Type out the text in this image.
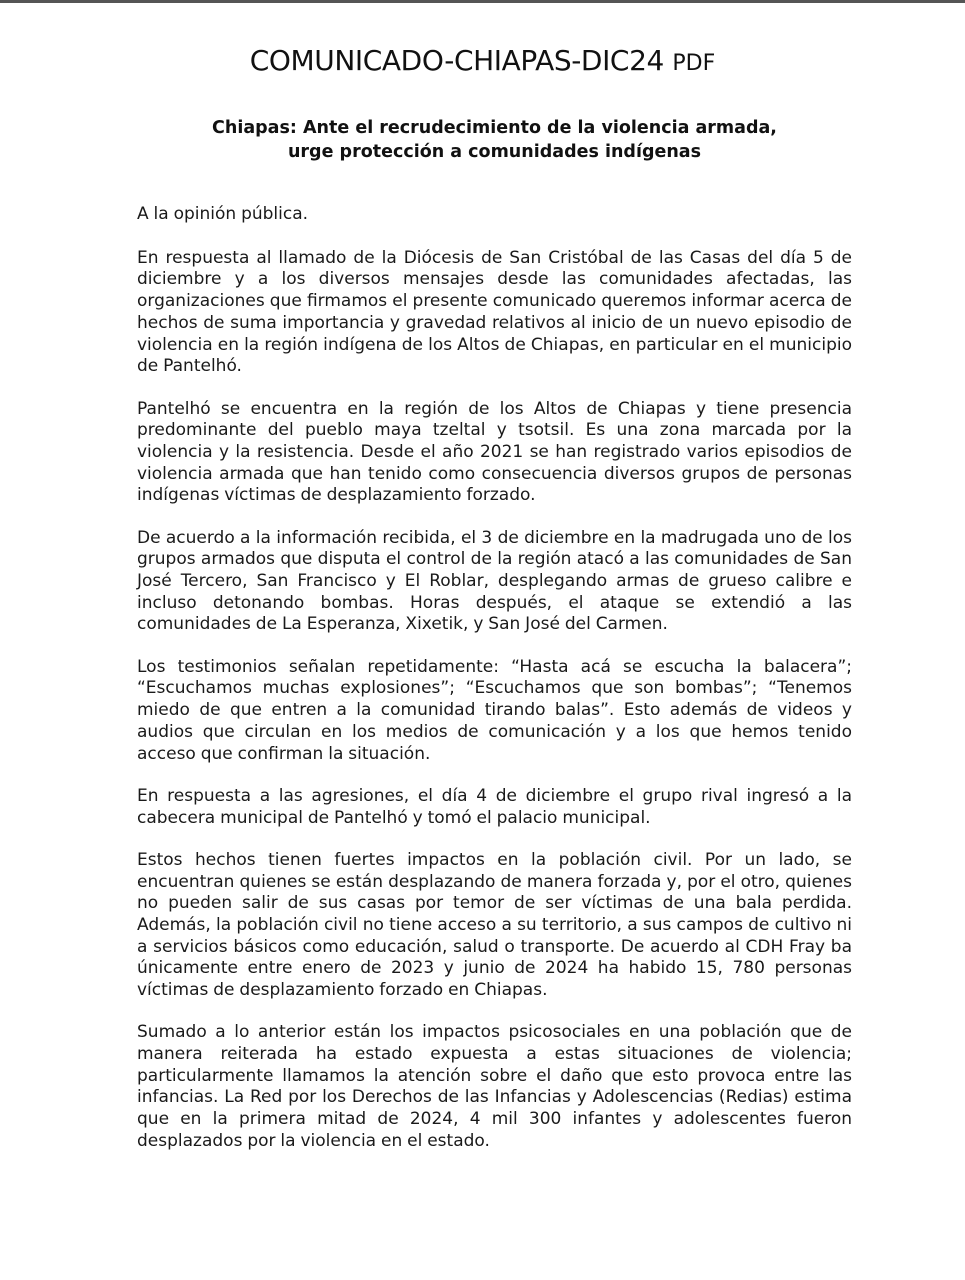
COMUNICADO-CHIAPAS-DIC24 PDF
Chiapas: Ante el recrudecimiento de la violencia armada,
urge protección a comunidades indígenas

A la opinión pública.

En respuesta al llamado de la Diócesis de San Cristóbal de las Casas del día 5 de diciembre y a los diversos mensajes desde las comunidades afectadas, las organizaciones que firmamos el presente comunicado queremos informar acerca de hechos de suma importancia y gravedad relativos al inicio de un nuevo episodio de violencia en la región indígena de los Altos de Chiapas, en particular en el municipio de Pantelhó.

Pantelhó se encuentra en la región de los Altos de Chiapas y tiene presencia predominante del pueblo maya tzeltal y tsotsil. Es una zona marcada por la violencia y la resistencia. Desde el año 2021 se han registrado varios episodios de violencia armada que han tenido como consecuencia diversos grupos de personas indígenas víctimas de desplazamiento forzado.

De acuerdo a la información recibida, el 3 de diciembre en la madrugada uno de los grupos armados que disputa el control de la región atacó a las comunidades de San José Tercero, San Francisco y El Roblar, desplegando armas de grueso calibre e incluso detonando bombas. Horas después, el ataque se extendió a las comunidades de La Esperanza, Xixetik, y San José del Carmen.

Los testimonios señalan repetidamente: “Hasta acá se escucha la balacera”; “Escuchamos muchas explosiones”; “Escuchamos que son bombas”; “Tenemos miedo de que entren a la comunidad tirando balas”. Esto además de videos y audios que circulan en los medios de comunicación y a los que hemos tenido acceso que confirman la situación.

En respuesta a las agresiones, el día 4 de diciembre el grupo rival ingresó a la cabecera municipal de Pantelhó y tomó el palacio municipal.

Estos hechos tienen fuertes impactos en la población civil. Por un lado, se encuentran quienes se están desplazando de manera forzada y, por el otro, quienes no pueden salir de sus casas por temor de ser víctimas de una bala perdida. Además, la población civil no tiene acceso a su territorio, a sus campos de cultivo ni a servicios básicos como educación, salud o transporte. De acuerdo al CDH Fray ba únicamente entre enero de 2023 y junio de 2024 ha habido 15, 780 personas víctimas de desplazamiento forzado en Chiapas.

Sumado a lo anterior están los impactos psicosociales en una población que de manera reiterada ha estado expuesta a estas situaciones de violencia; particularmente llamamos la atención sobre el daño que esto provoca entre las infancias. La Red por los Derechos de las Infancias y Adolescencias (Redias) estima que en la primera mitad de 2024, 4 mil 300 infantes y adolescentes fueron desplazados por la violencia en el estado.
